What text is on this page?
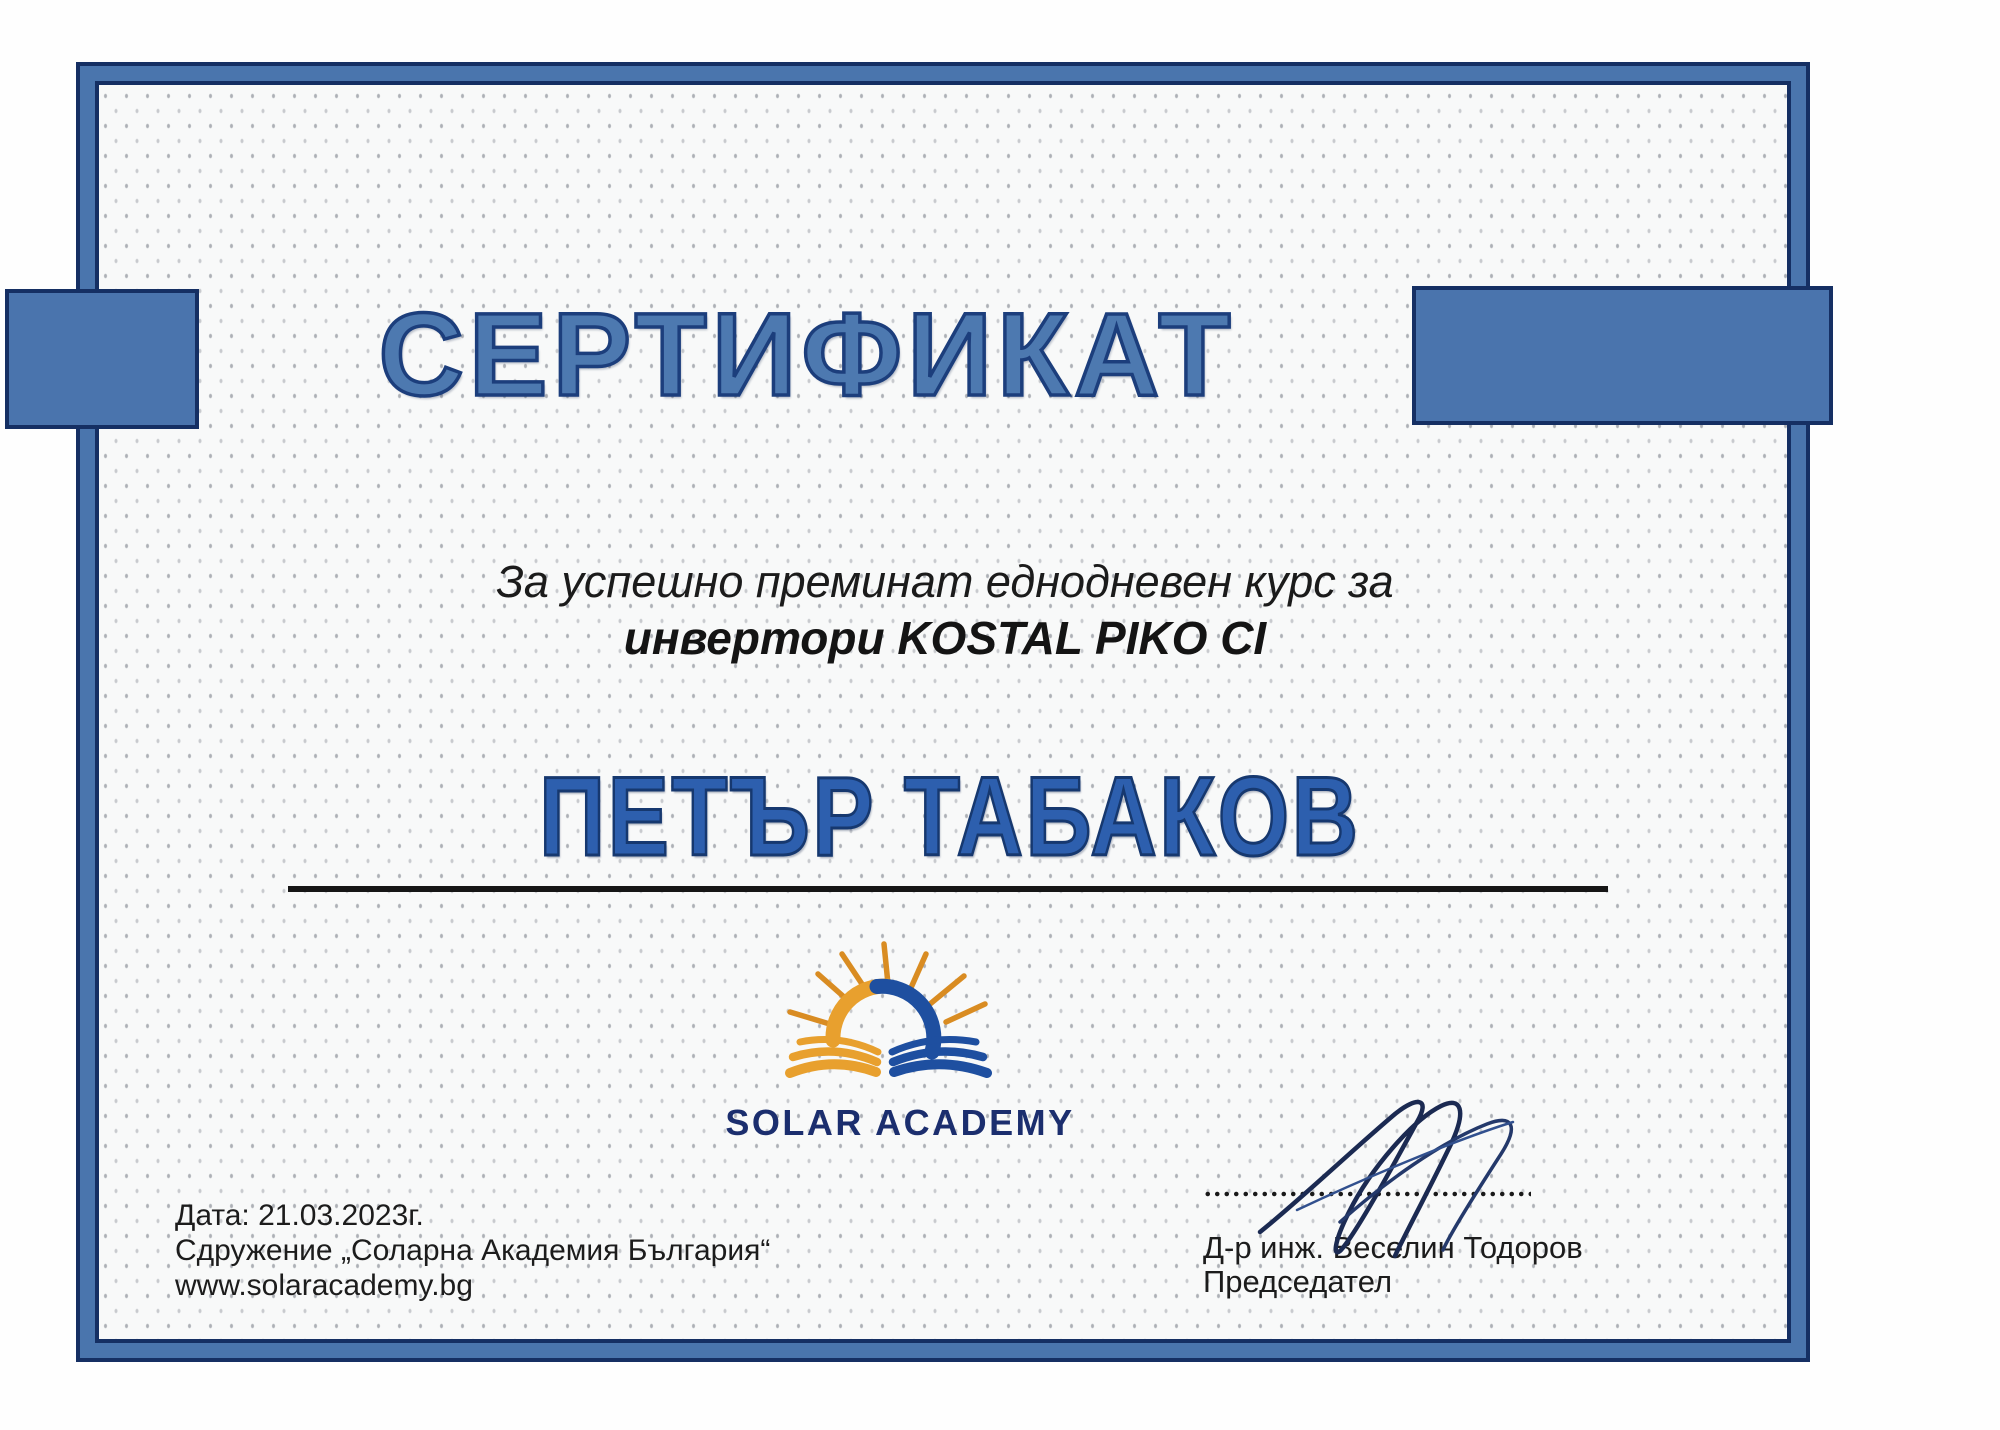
СЕРТИФИКАТ
За успешно преминат еднодневен курс за
инвертори KOSTAL PIKO CI
ПЕТЪР ТАБАКОВ
SOLAR ACADEMY
Дата: 21.03.2023г.
Сдружение „Соларна Академия България“
www.solaracademy.bg
Д-р инж. Веселин Тодоров
Председател
